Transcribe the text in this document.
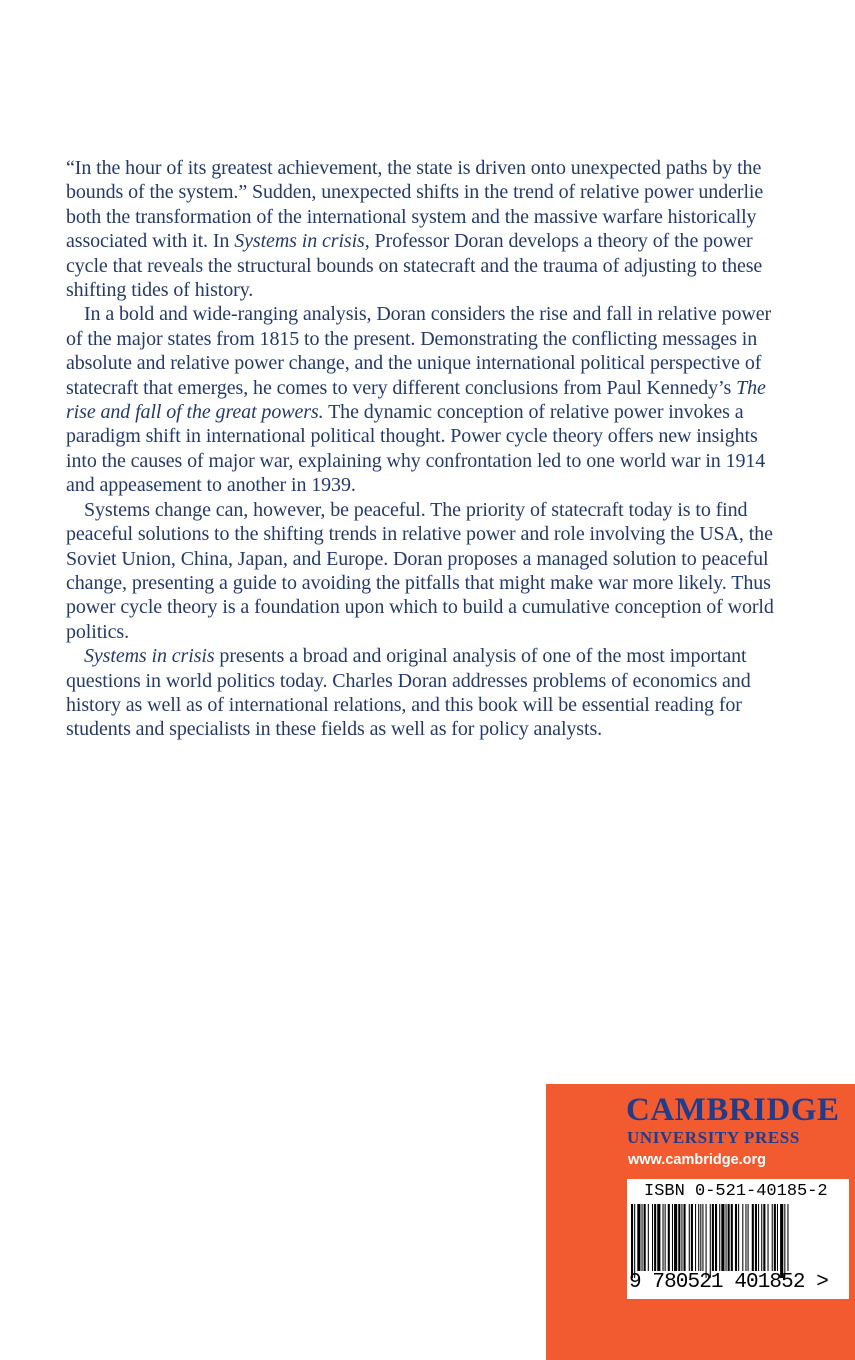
“In the hour of its greatest achievement, the state is driven onto unexpected paths by the bounds of the system.” Sudden, unexpected shifts in the trend of relative power underlie both the transformation of the international system and the massive warfare historically associated with it. In Systems in crisis, Professor Doran develops a theory of the power cycle that reveals the structural bounds on statecraft and the trauma of adjusting to these shifting tides of history.

In a bold and wide-ranging analysis, Doran considers the rise and fall in relative power of the major states from 1815 to the present. Demonstrating the conflicting messages in absolute and relative power change, and the unique international political perspective of statecraft that emerges, he comes to very different conclusions from Paul Kennedy’s The rise and fall of the great powers. The dynamic conception of relative power invokes a paradigm shift in international political thought. Power cycle theory offers new insights into the causes of major war, explaining why confrontation led to one world war in 1914 and appeasement to another in 1939.

Systems change can, however, be peaceful. The priority of statecraft today is to find peaceful solutions to the shifting trends in relative power and role involving the USA, the Soviet Union, China, Japan, and Europe. Doran proposes a managed solution to peaceful change, presenting a guide to avoiding the pitfalls that might make war more likely. Thus power cycle theory is a foundation upon which to build a cumulative conception of world politics.

Systems in crisis presents a broad and original analysis of one of the most important questions in world politics today. Charles Doran addresses problems of economics and history as well as of international relations, and this book will be essential reading for students and specialists in these fields as well as for policy analysts.

CAMBRIDGE
UNIVERSITY PRESS
www.cambridge.org
ISBN 0-521-40185-2
9 780521 401852 >
